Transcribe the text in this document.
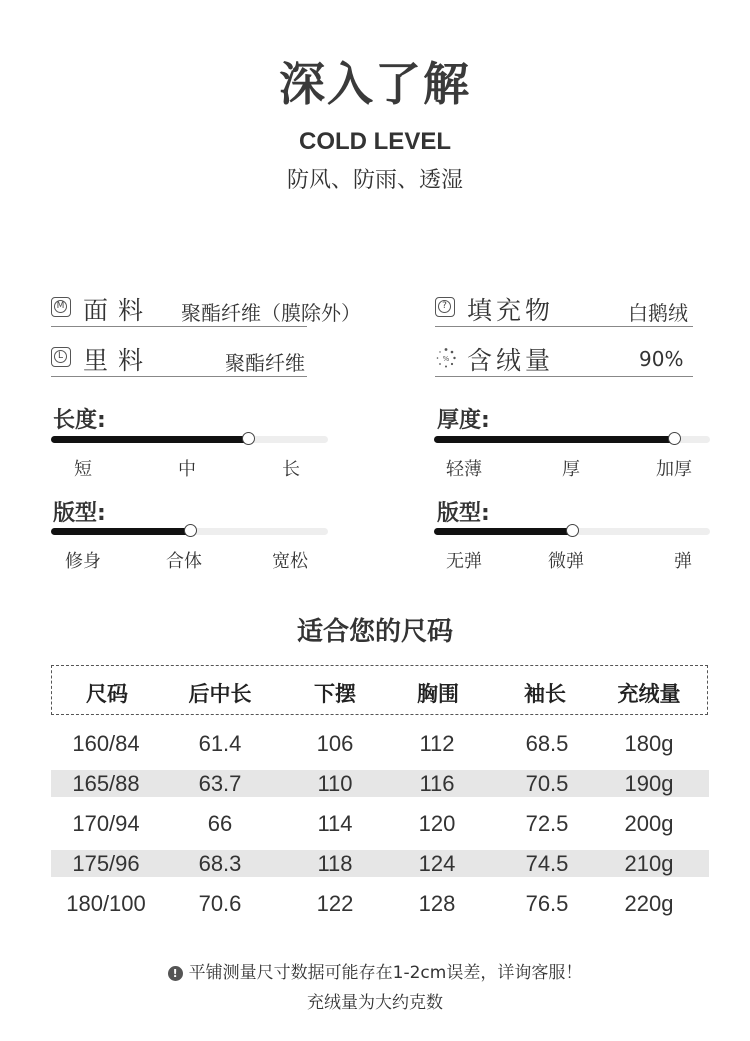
深入了解
COLD LEVEL
防风、防雨、透湿
M 面料 聚酯纤维（膜除外）
L 里料	聚酯纤维
? 填充物	白鹅绒
% 含绒量	90%
长度:
短	中	长
厚度:
轻薄	厚	加厚
版型:
修身	合体	宽松
版型:
无弹	微弹	弹
适合您的尺码
尺码	后中长	下摆	胸围	袖长	充绒量
160/84	61.4	106	112	68.5	180g
165/88	63.7	110	116	70.5	190g
170/94	66	114	120	72.5	200g
175/96	68.3	118	124	74.5	210g
180/100	70.6	122	128	76.5	220g
! 平铺测量尺寸数据可能存在1-2cm误差，详询客服！
充绒量为大约克数
